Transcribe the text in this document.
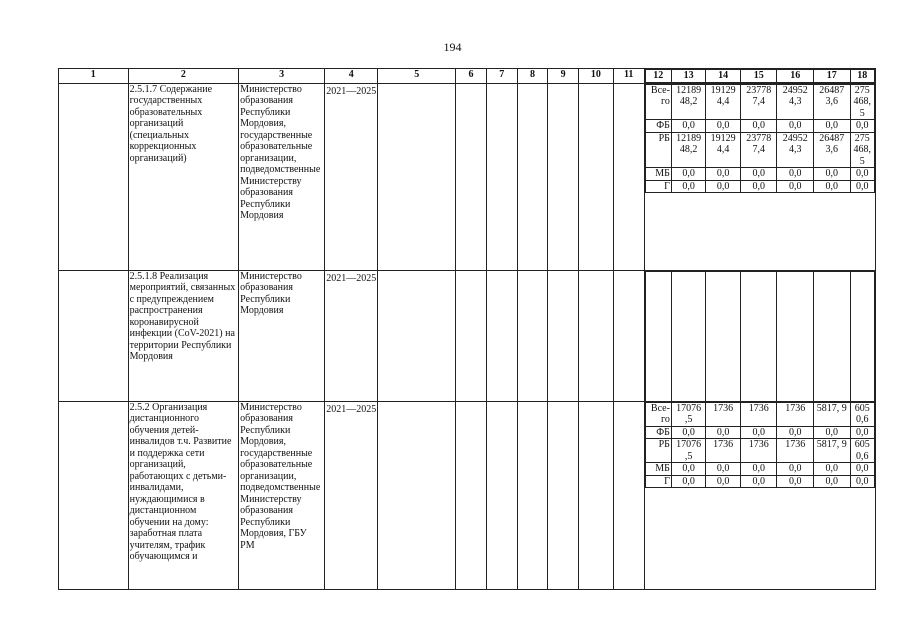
194
1	2	3	4	5	6	7	8	9	10	11	12	13	14	15	16	17	18

	2.5.1.7 Содержание государственных образовательных организаций (специальных коррекционных организаций)	Министерство образования Республики Мордовия, государственные образовательные организации, подведомственные Министерству образования Республики Мордовия	2021—2025									Все-го	12189 48,2	19129 4,4	23778 7,4	24952 4,3	26487 3,6	275 468, 5
ФБ	0,0	0,0	0,0	0,0	0,0	0,0
РБ	12189 48,2	19129 4,4	23778 7,4	24952 4,3	26487 3,6	275 468, 5
МБ	0,0	0,0	0,0	0,0	0,0	0,0
Г	0,0	0,0	0,0	0,0	0,0	0,0

	2.5.1.8 Реализация мероприятий, связанных с предупреждением распространения коронавирусной инфекции (CoV-2021) на территории Республики Мордовия	Министерство образования Республики Мордовия	2021—2025								

	2.5.2 Организация дистанционного обучения детей-инвалидов т.ч. Развитие и поддержка сети организаций, работающих с детьми-инвалидами, нуждающимися в дистанционном обучении на дому: заработная плата учителям, трафик обучающимся и	Министерство образования Республики Мордовия, государственные образовательные организации, подведомственные Министерству образования Республики Мордовия, ГБУ РМ	2021—2025									Все-го	17076 ,5	1736	1736	1736	5817, 9	605 0,6
ФБ	0,0	0,0	0,0	0,0	0,0	0,0
РБ	17076 ,5	1736	1736	1736	5817, 9	605 0,6
МБ	0,0	0,0	0,0	0,0	0,0	0,0
Г	0,0	0,0	0,0	0,0	0,0	0,0
